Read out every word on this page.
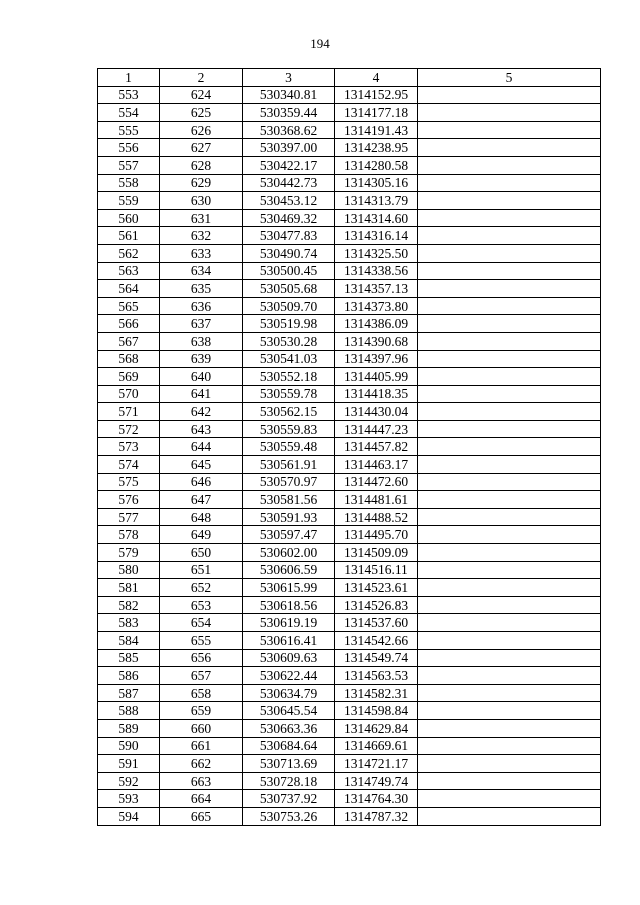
194
1	2	3	4	5
553	624	530340.81	1314152.95	
554	625	530359.44	1314177.18	
555	626	530368.62	1314191.43	
556	627	530397.00	1314238.95	
557	628	530422.17	1314280.58	
558	629	530442.73	1314305.16	
559	630	530453.12	1314313.79	
560	631	530469.32	1314314.60	
561	632	530477.83	1314316.14	
562	633	530490.74	1314325.50	
563	634	530500.45	1314338.56	
564	635	530505.68	1314357.13	
565	636	530509.70	1314373.80	
566	637	530519.98	1314386.09	
567	638	530530.28	1314390.68	
568	639	530541.03	1314397.96	
569	640	530552.18	1314405.99	
570	641	530559.78	1314418.35	
571	642	530562.15	1314430.04	
572	643	530559.83	1314447.23	
573	644	530559.48	1314457.82	
574	645	530561.91	1314463.17	
575	646	530570.97	1314472.60	
576	647	530581.56	1314481.61	
577	648	530591.93	1314488.52	
578	649	530597.47	1314495.70	
579	650	530602.00	1314509.09	
580	651	530606.59	1314516.11	
581	652	530615.99	1314523.61	
582	653	530618.56	1314526.83	
583	654	530619.19	1314537.60	
584	655	530616.41	1314542.66	
585	656	530609.63	1314549.74	
586	657	530622.44	1314563.53	
587	658	530634.79	1314582.31	
588	659	530645.54	1314598.84	
589	660	530663.36	1314629.84	
590	661	530684.64	1314669.61	
591	662	530713.69	1314721.17	
592	663	530728.18	1314749.74	
593	664	530737.92	1314764.30	
594	665	530753.26	1314787.32	
